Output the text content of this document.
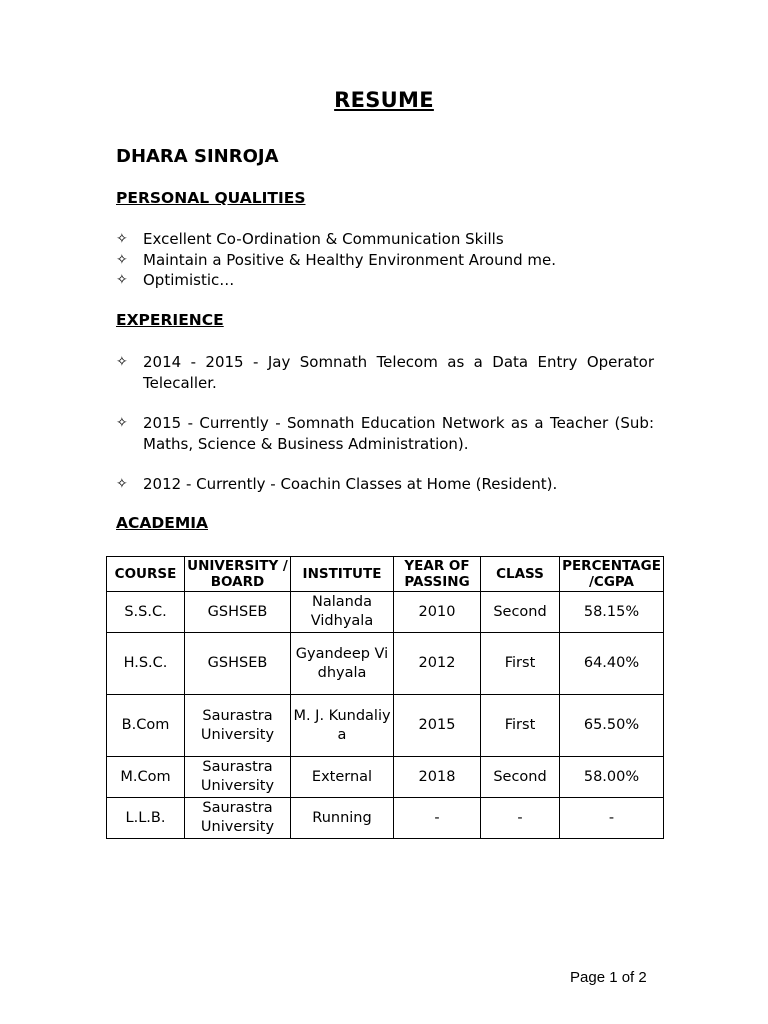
RESUME
DHARA SINROJA
PERSONAL QUALITIES
✧	Excellent Co-Ordination & Communication Skills
✧	Maintain a Positive & Healthy Environment Around me.
✧	Optimistic…
EXPERIENCE
✧	2014 - 2015 - Jay Somnath Telecom as a Data Entry Operator Telecaller.
✧	2015 - Currently - Somnath Education Network as a Teacher (Sub: Maths, Science & Business Administration).
✧	2012 - Currently - Coachin Classes at Home (Resident).
ACADEMIA
COURSE	UNIVERSITY / BOARD	INSTITUTE	YEAR OF PASSING	CLASS	PERCENTAGE /CGPA
S.S.C.	GSHSEB	Nalanda Vidhyala	2010	Second	58.15%
H.S.C.	GSHSEB	Gyandeep Vidhyala	2012	First	64.40%
B.Com	Saurastra University	M. J. Kundaliya	2015	First	65.50%
M.Com	Saurastra University	External	2018	Second	58.00%
L.L.B.	Saurastra University	Running	-	-	-
Page 1 of 2
